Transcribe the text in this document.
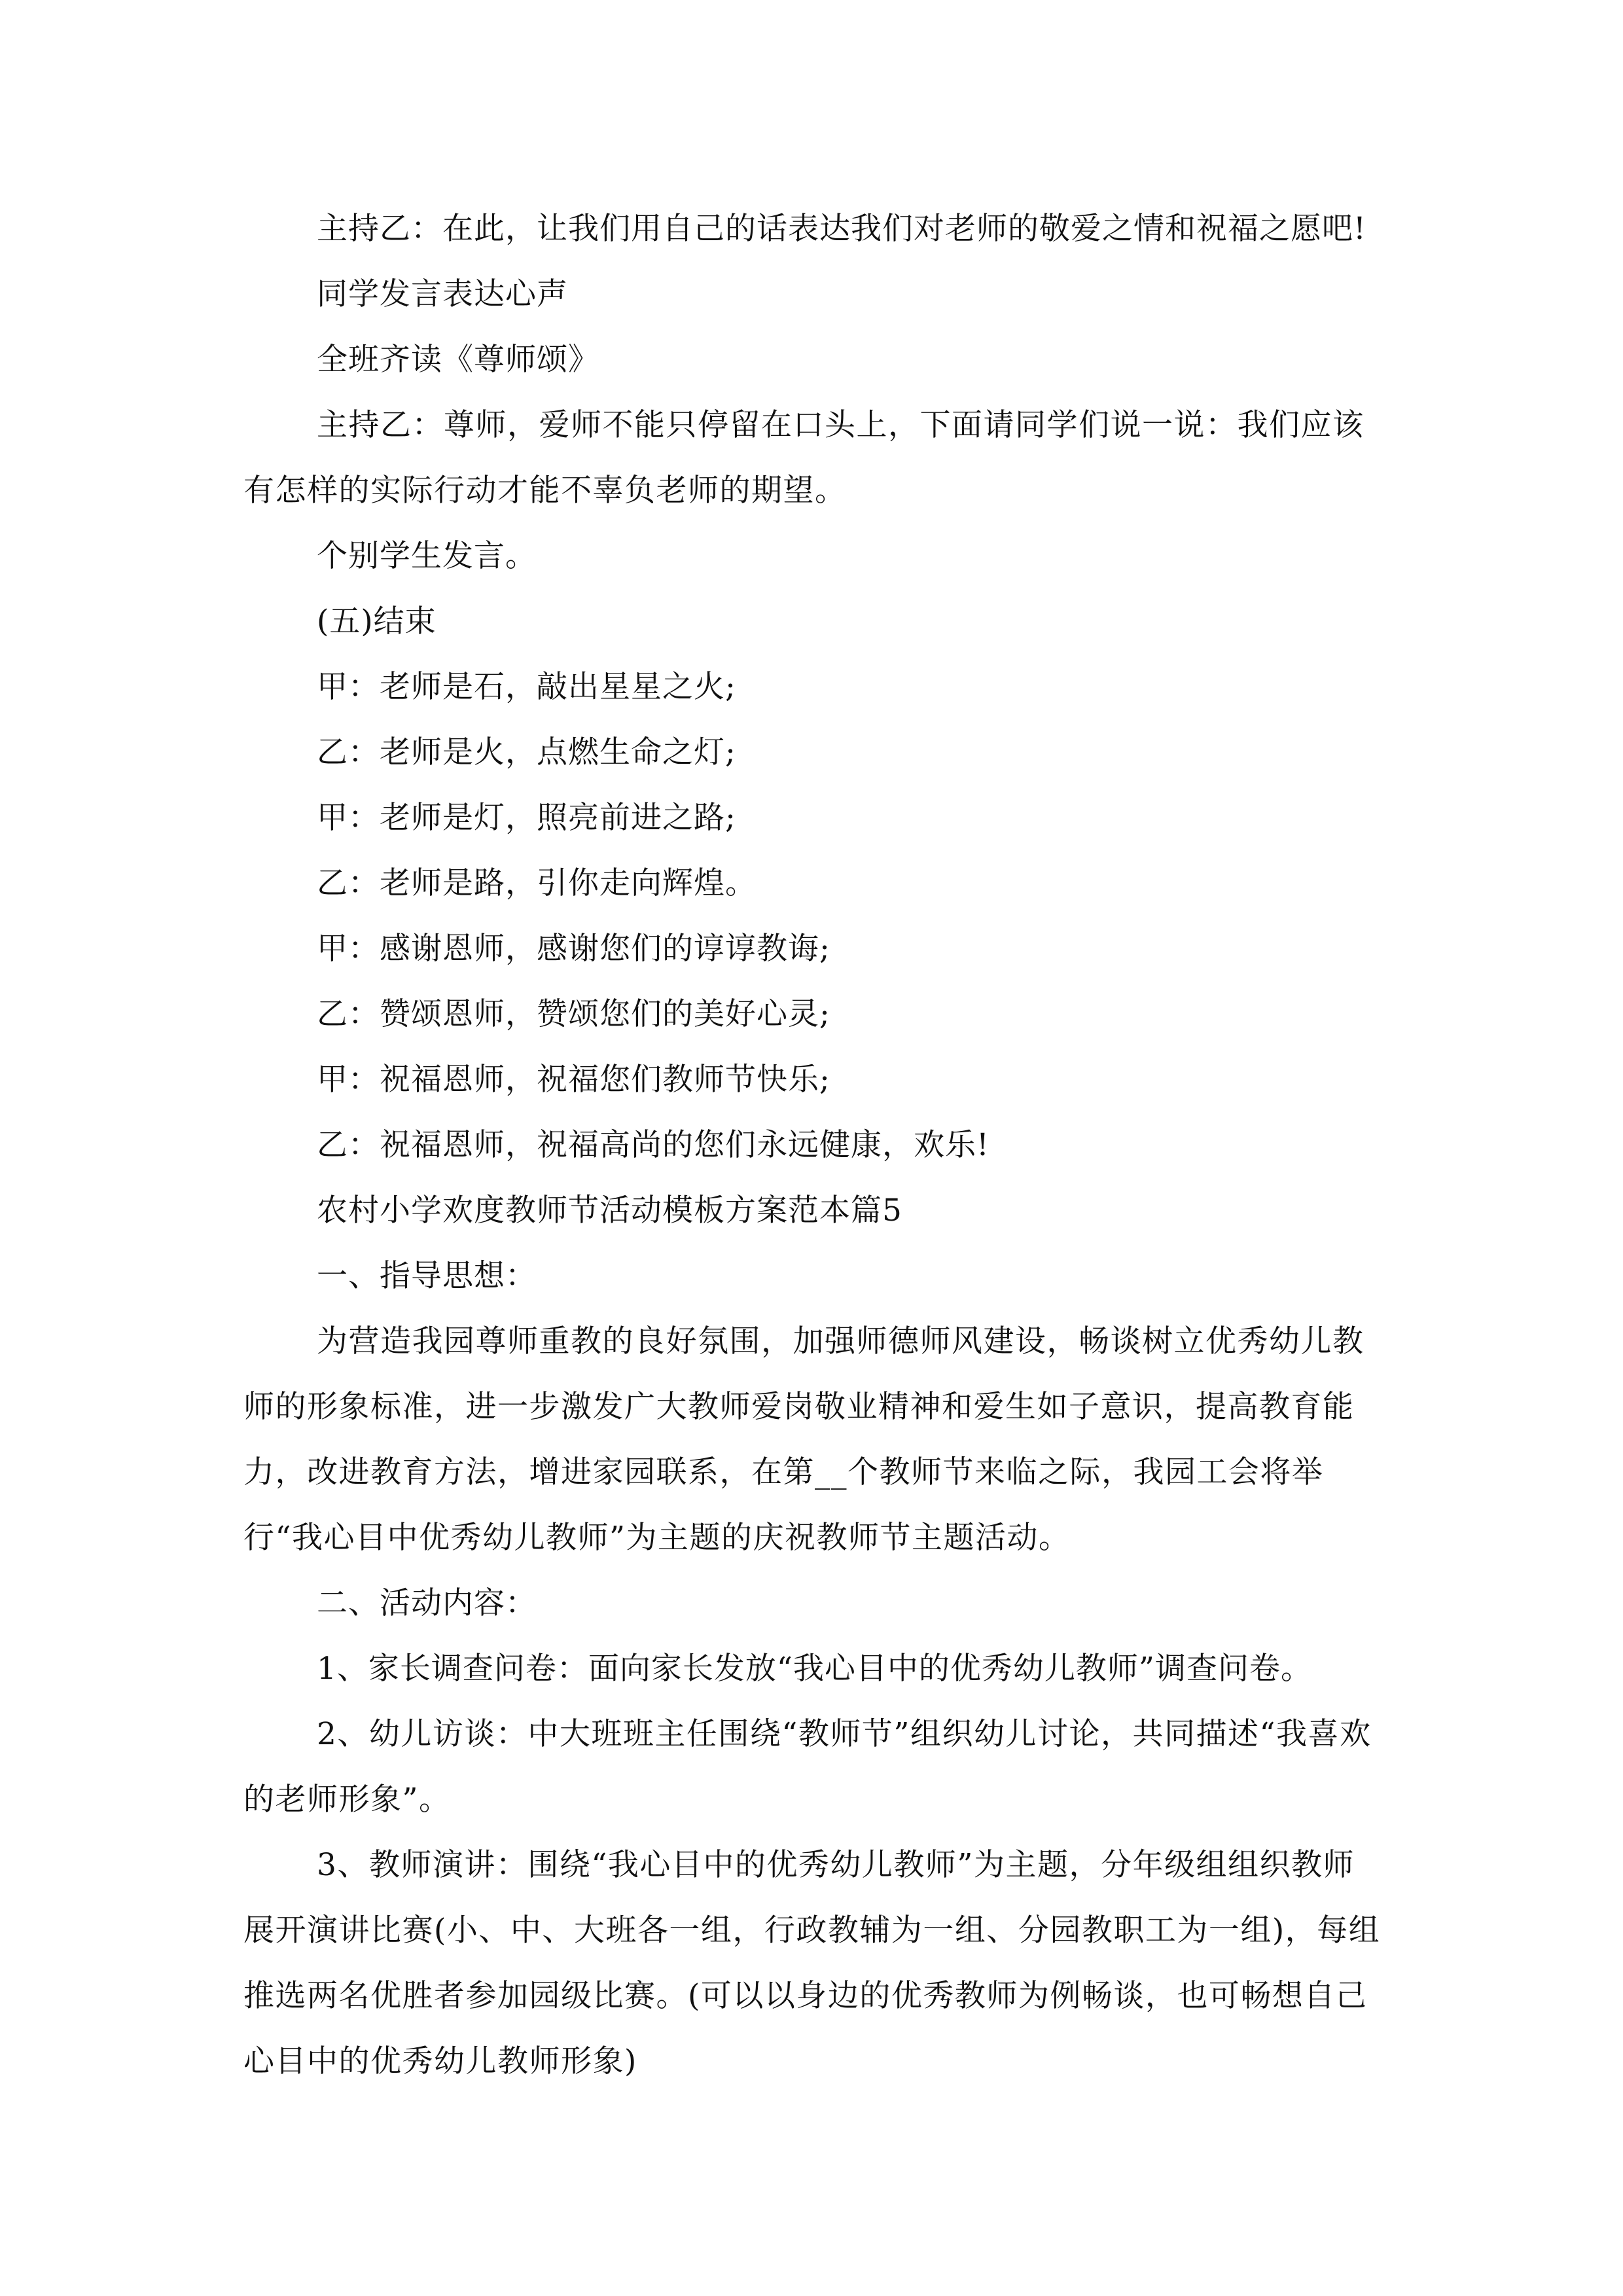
主持乙：在此，让我们用自己的话表达我们对老师的敬爱之情和祝福之愿吧!

同学发言表达心声

全班齐读《尊师颂》

主持乙：尊师，爱师不能只停留在口头上，下面请同学们说一说：我们应该有怎样的实际行动才能不辜负老师的期望。

个别学生发言。

(五)结束

甲：老师是石，敲出星星之火;

乙：老师是火，点燃生命之灯;

甲：老师是灯，照亮前进之路;

乙：老师是路，引你走向辉煌。

甲：感谢恩师，感谢您们的谆谆教诲;

乙：赞颂恩师，赞颂您们的美好心灵;

甲：祝福恩师，祝福您们教师节快乐;

乙：祝福恩师，祝福高尚的您们永远健康，欢乐!

农村小学欢度教师节活动模板方案范本篇5

一、指导思想：

为营造我园尊师重教的良好氛围，加强师德师风建设，畅谈树立优秀幼儿教师的形象标准，进一步激发广大教师爱岗敬业精神和爱生如子意识，提高教育能力，改进教育方法，增进家园联系，在第__个教师节来临之际，我园工会将举行“我心目中优秀幼儿教师”为主题的庆祝教师节主题活动。

二、活动内容：

1、家长调查问卷：面向家长发放“我心目中的优秀幼儿教师”调查问卷。

2、幼儿访谈：中大班班主任围绕“教师节”组织幼儿讨论，共同描述“我喜欢的老师形象”。

3、教师演讲：围绕“我心目中的优秀幼儿教师”为主题，分年级组组织教师展开演讲比赛(小、中、大班各一组，行政教辅为一组、分园教职工为一组)，每组推选两名优胜者参加园级比赛。(可以以身边的优秀教师为例畅谈，也可畅想自己心目中的优秀幼儿教师形象)
